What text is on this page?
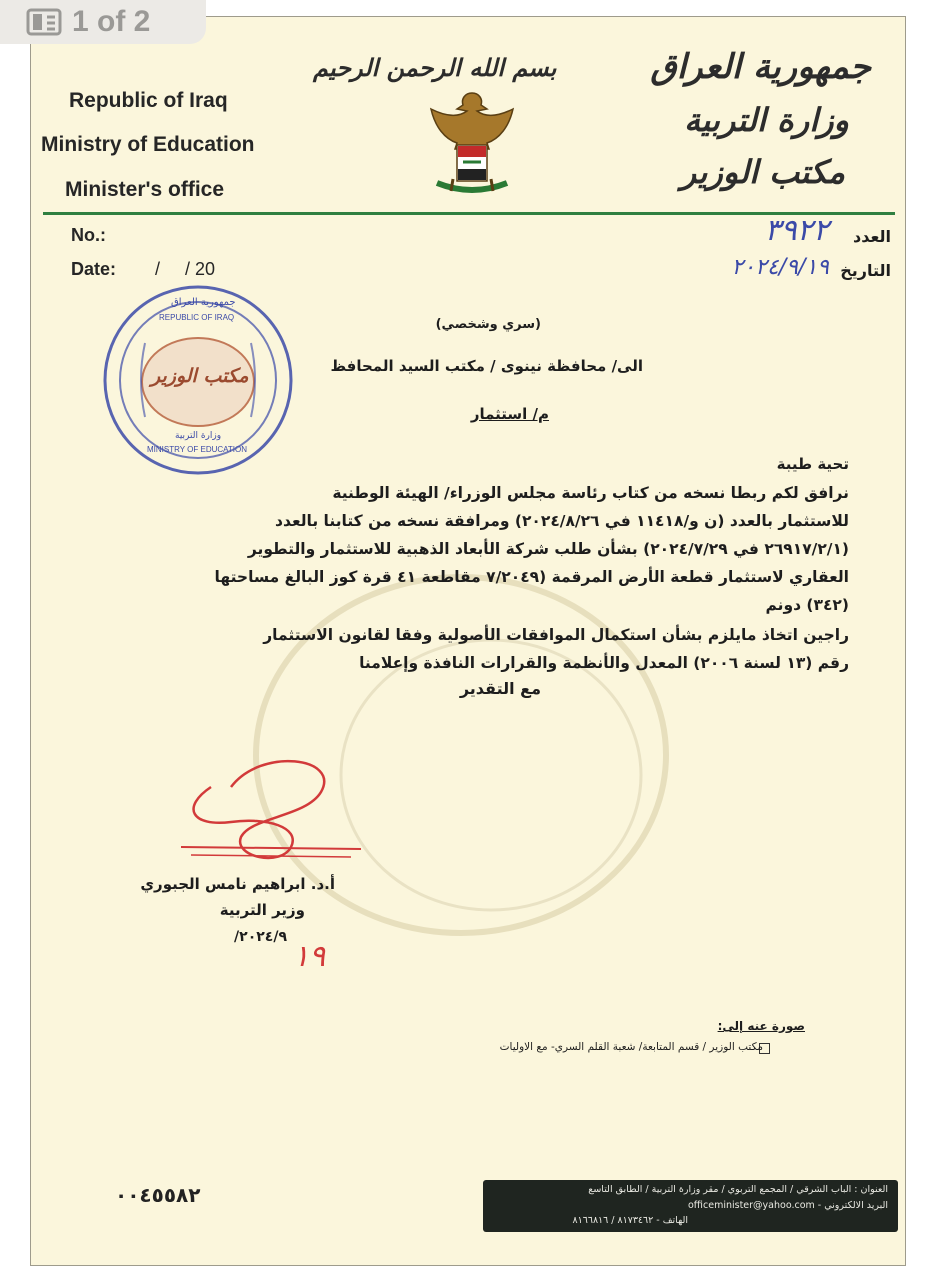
1 of 2
Republic of Iraq
Ministry of Education
Minister's office
بسم الله الرحمن الرحيم	جمهورية العراق
وزارة التربية
مكتب الوزير
No.:
Date: /     / 20
العدد
٣٩٢٢
التاريخ
٢٠٢٤/٩/١٩
جمهورية العراق
REPUBLIC OF IRAQ
مكتب الوزير
وزارة التربية
MINISTRY OF EDUCATION
(سري وشخصي)
الى/ محافظة نينوى / مكتب السيد المحافظ
م/ استثمار
تحية طيبة
نرافق لكم ربطا نسخه من كتاب رئاسة مجلس الوزراء/ الهيئة الوطنية
للاستثمار بالعدد (ن و/١١٤١٨ في ٢٠٢٤/٨/٢٦) ومرافقة نسخه من كتابنا بالعدد
(٢٦٩١٧/٢/١ في ٢٠٢٤/٧/٢٩) بشأن طلب شركة الأبعاد الذهبية للاستثمار والتطوير
العقاري لاستثمار قطعة الأرض المرقمة (٧/٢٠٤٩ مقاطعة ٤١ قرة كوز البالغ مساحتها
(٣٤٢) دونم
راجين اتخاذ مايلزم بشأن استكمال الموافقات الأصولية وفقا لقانون الاستثمار
رقم (١٣ لسنة ٢٠٠٦) المعدل والأنظمة والقرارات النافذة وإعلامنا
مع التقدير
أ.د. ابراهيم نامس الجبوري
وزير التربية
٢٠٢٤/٩/
١٩
صورة عنه إلى:
مكتب الوزير / قسم المتابعة/ شعبة القلم السري- مع الاوليات
٠٠٤٥٥٨٢	العنوان : الباب الشرقي / المجمع التربوي / مقر وزارة التربية / الطابق التاسع
البريد الالكتروني - officeminister@yahoo.com
الهاتف - ٨١٧٣٤٦٢ / ٨١٦٦٨١٦
